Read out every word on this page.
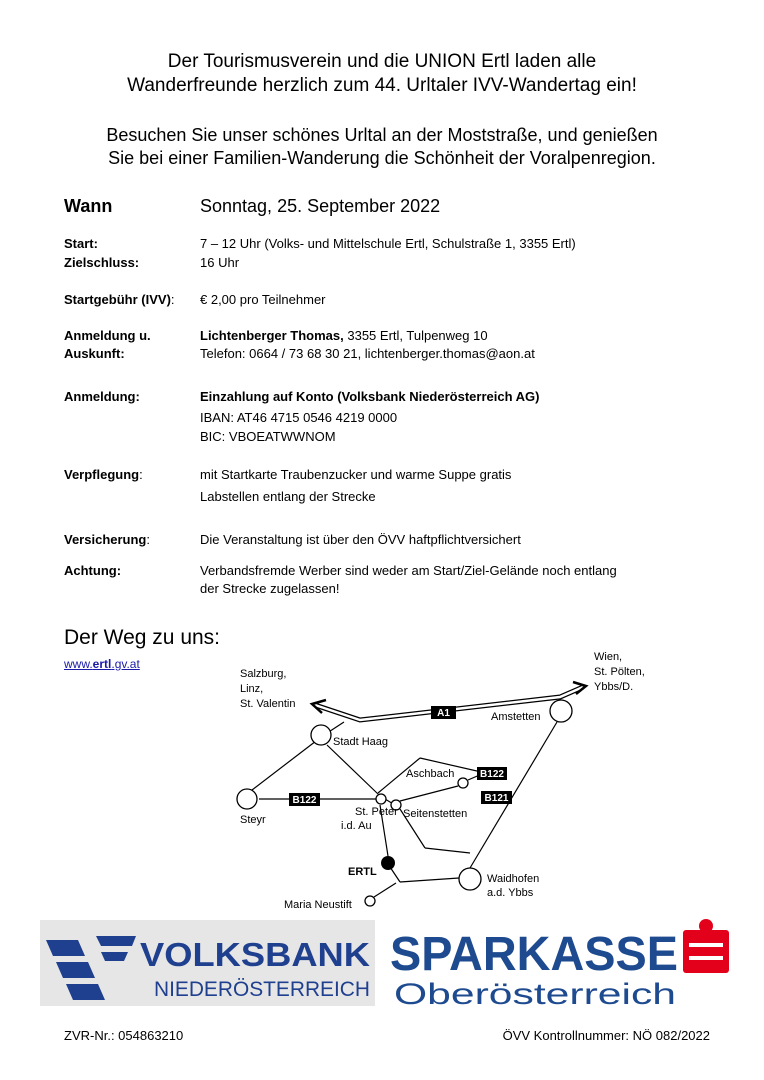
Der Tourismusverein und die UNION Ertl laden alle
Wanderfreunde herzlich zum 44. Urltaler IVV-Wandertag ein!
Besuchen Sie unser schönes Urltal an der Moststraße, und genießen
Sie bei einer Familien-Wanderung die Schönheit der Voralpenregion.
Wann	Sonntag, 25. September 2022
Start:	7 – 12 Uhr (Volks- und Mittelschule Ertl, Schulstraße 1, 3355 Ertl)
Zielschluss:	16 Uhr
Startgebühr (IVV): € 2,00 pro Teilnehmer
Anmeldung u.	Lichtenberger Thomas, 3355 Ertl, Tulpenweg 10
Auskunft:	Telefon: 0664 / 73 68 30 21, lichtenberger.thomas@aon.at
Anmeldung:	Einzahlung auf Konto (Volksbank Niederösterreich AG)
IBAN: AT46 4715 0546 4219 0000
BIC: VBOEATWWNOM
Verpflegung:	mit Startkarte Traubenzucker und warme Suppe gratis
Labstellen entlang der Strecke
Versicherung:	Die Veranstaltung ist über den ÖVV haftpflichtversichert
Achtung:	Verbandsfremde Werber sind weder am Start/Ziel-Gelände noch entlang
der Strecke zugelassen!
Der Weg zu uns:
www.ertl.gv.at
A1
B122
B122	B121
Salzburg,
Linz,
St. Valentin
Wien,
St. Pölten,
Ybbs/D.
Amstetten
Stadt Haag
Aschbach
Steyr
St. Peter
i.d. Au
Seitenstetten
ERTL
Waidhofen
a.d. Ybbs
Maria Neustift
VOLKSBANK
NIEDERÖSTERREICH
SPARKASSE
Oberösterreich
ZVR-Nr.: 054863210	ÖVV Kontrollnummer: NÖ 082/2022
